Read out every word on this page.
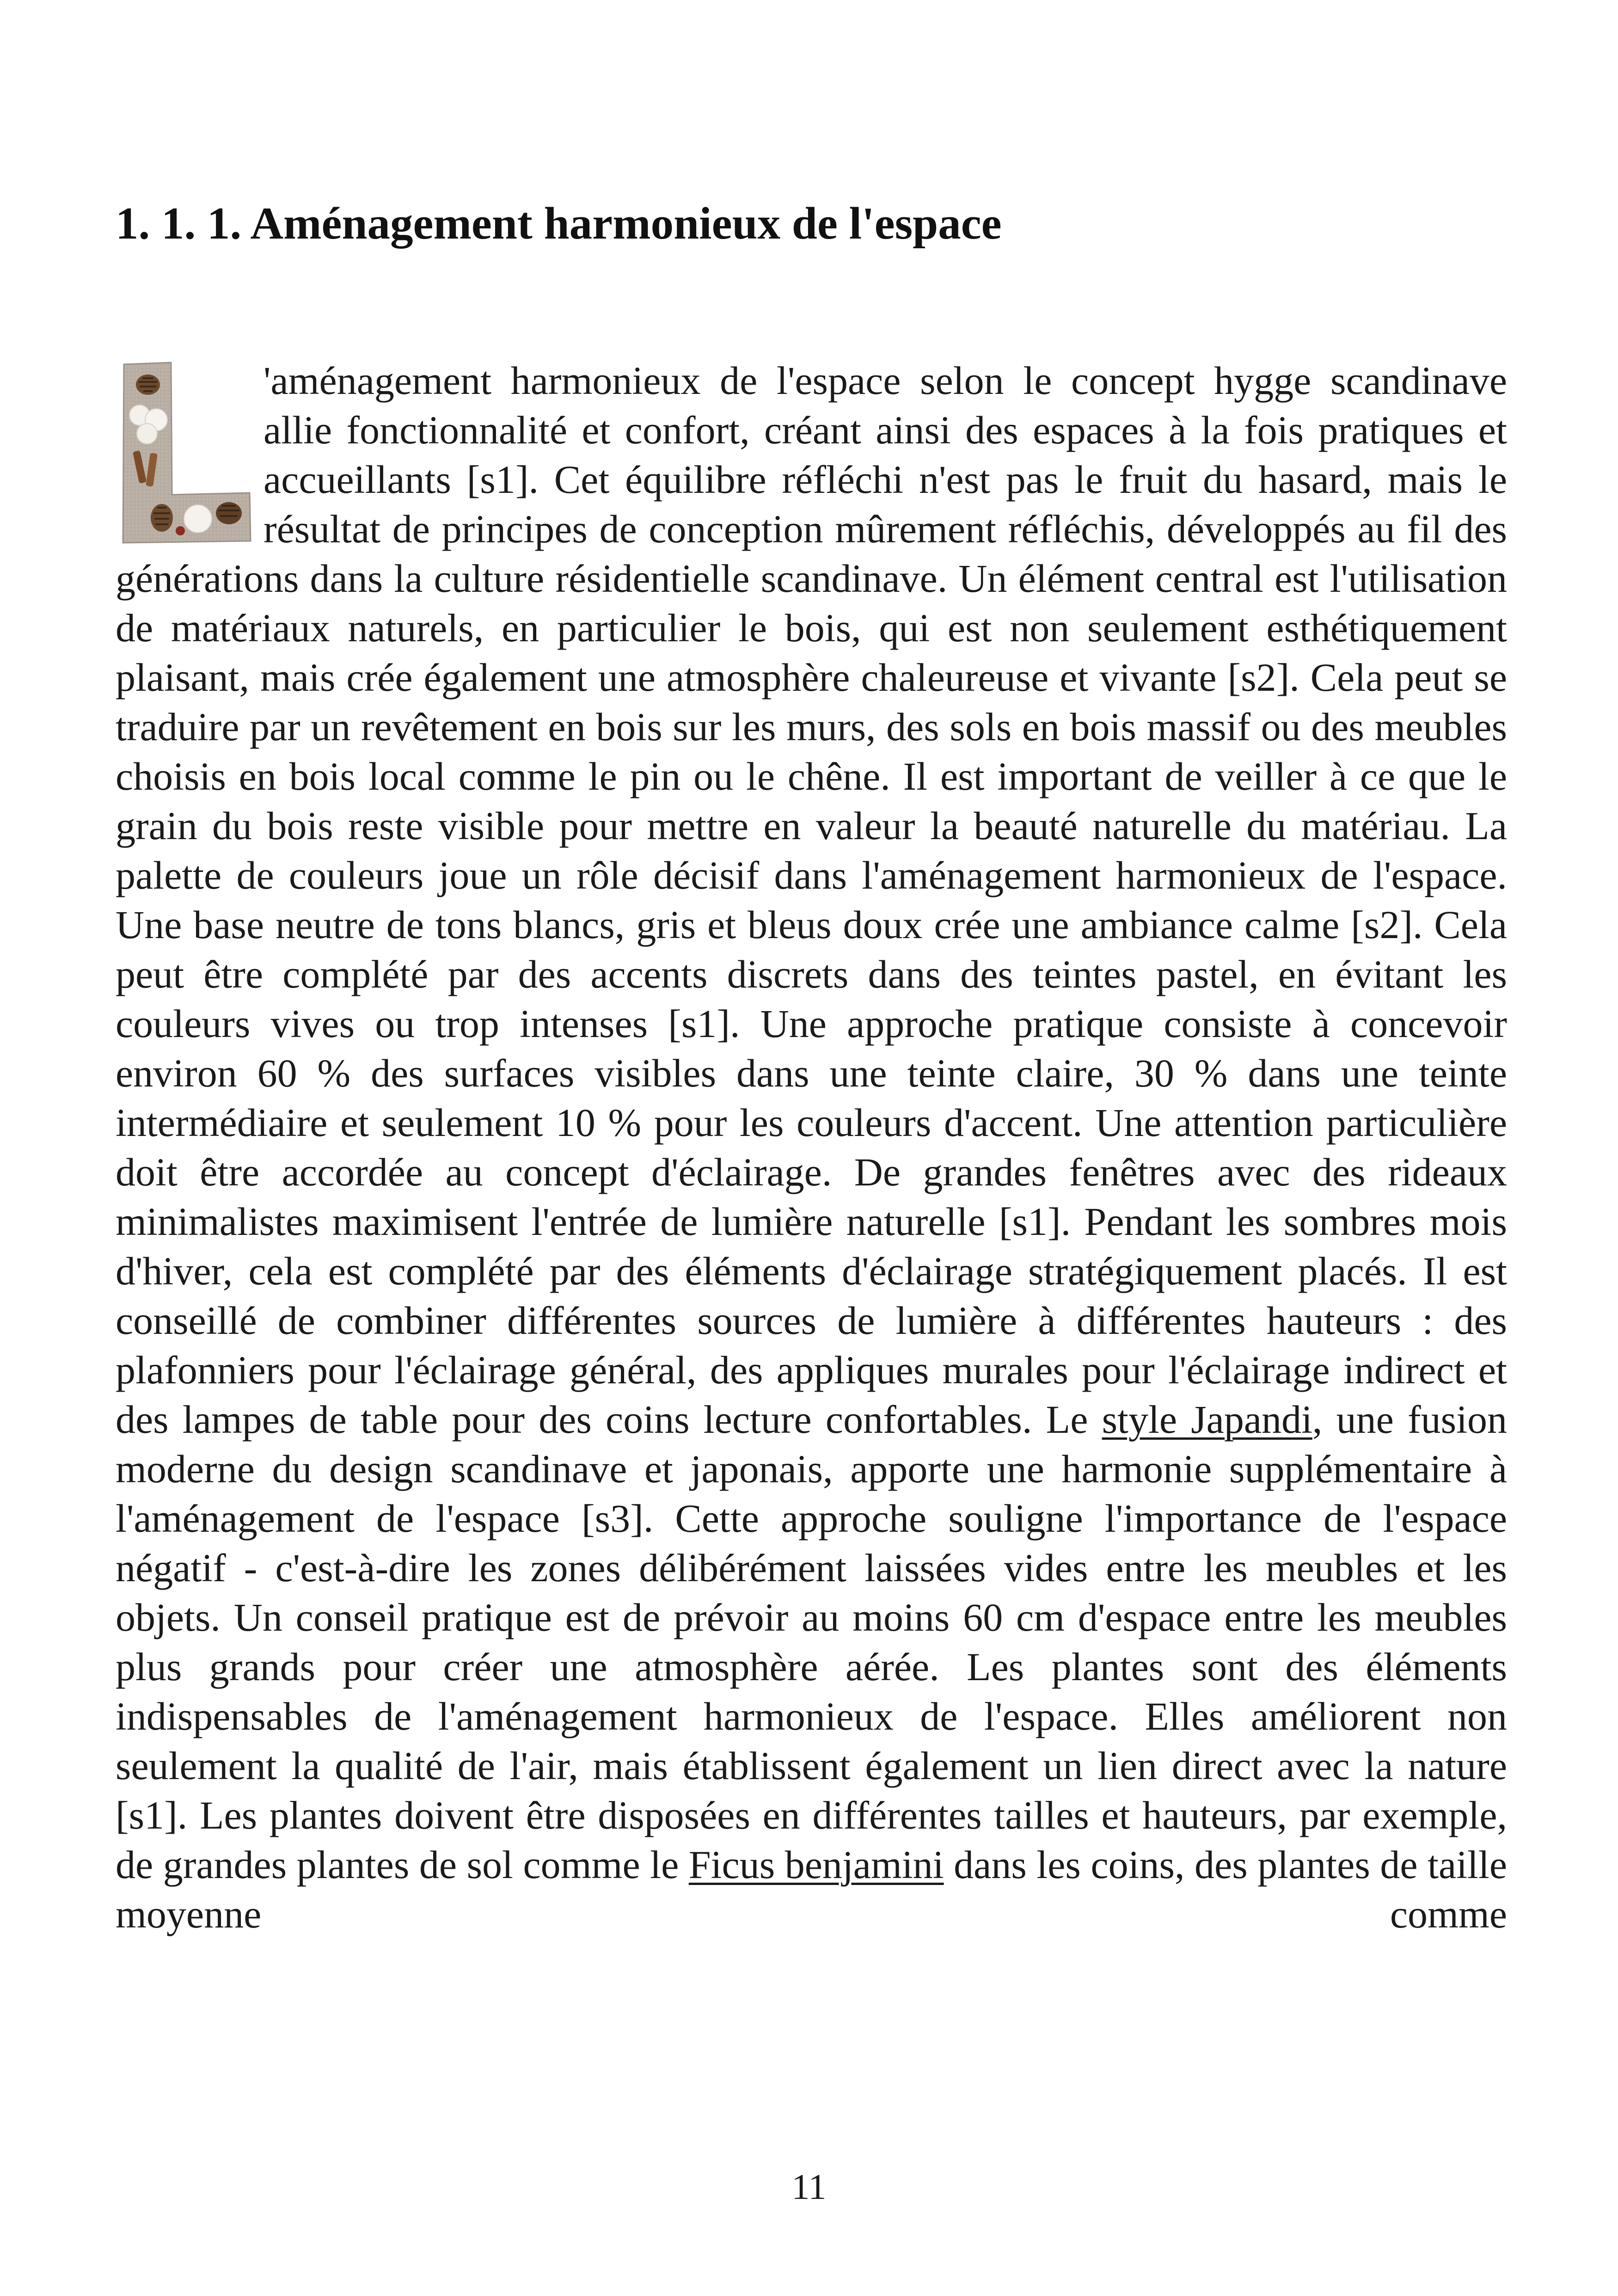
1. 1. 1. Aménagement harmonieux de l'espace

'aménagement harmonieux de l'espace selon le concept hygge scandinave allie fonctionnalité et confort, créant ainsi des espaces à la fois pratiques et accueillants [s1]. Cet équilibre réfléchi n'est pas le fruit du hasard, mais le résultat de principes de conception mûrement réfléchis, développés au fil des générations dans la culture résidentielle scandinave. Un élément central est l'utilisation de matériaux naturels, en particulier le bois, qui est non seulement esthétiquement plaisant, mais crée également une atmosphère chaleureuse et vivante [s2]. Cela peut se traduire par un revêtement en bois sur les murs, des sols en bois massif ou des meubles choisis en bois local comme le pin ou le chêne. Il est important de veiller à ce que le grain du bois reste visible pour mettre en valeur la beauté naturelle du matériau. La palette de couleurs joue un rôle décisif dans l'aménagement harmonieux de l'espace. Une base neutre de tons blancs, gris et bleus doux crée une ambiance calme [s2]. Cela peut être complété par des accents discrets dans des teintes pastel, en évitant les couleurs vives ou trop intenses [s1]. Une approche pratique consiste à concevoir environ 60 % des surfaces visibles dans une teinte claire, 30 % dans une teinte intermédiaire et seulement 10 % pour les couleurs d'accent. Une attention particulière doit être accordée au concept d'éclairage. De grandes fenêtres avec des rideaux minimalistes maximisent l'entrée de lumière naturelle [s1]. Pendant les sombres mois d'hiver, cela est complété par des éléments d'éclairage stratégiquement placés. Il est conseillé de combiner différentes sources de lumière à différentes hauteurs : des plafonniers pour l'éclairage général, des appliques murales pour l'éclairage indirect et des lampes de table pour des coins lecture confortables. Le style Japandi, une fusion moderne du design scandinave et japonais, apporte une harmonie supplémentaire à l'aménagement de l'espace [s3]. Cette approche souligne l'importance de l'espace négatif - c'est-à-dire les zones délibérément laissées vides entre les meubles et les objets. Un conseil pratique est de prévoir au moins 60 cm d'espace entre les meubles plus grands pour créer une atmosphère aérée. Les plantes sont des éléments indispensables de l'aménagement harmonieux de l'espace. Elles améliorent non seulement la qualité de l'air, mais établissent également un lien direct avec la nature [s1]. Les plantes doivent être disposées en différentes tailles et hauteurs, par exemple, de grandes plantes de sol comme le Ficus benjamini dans les coins, des plantes de taille moyenne comme

11
